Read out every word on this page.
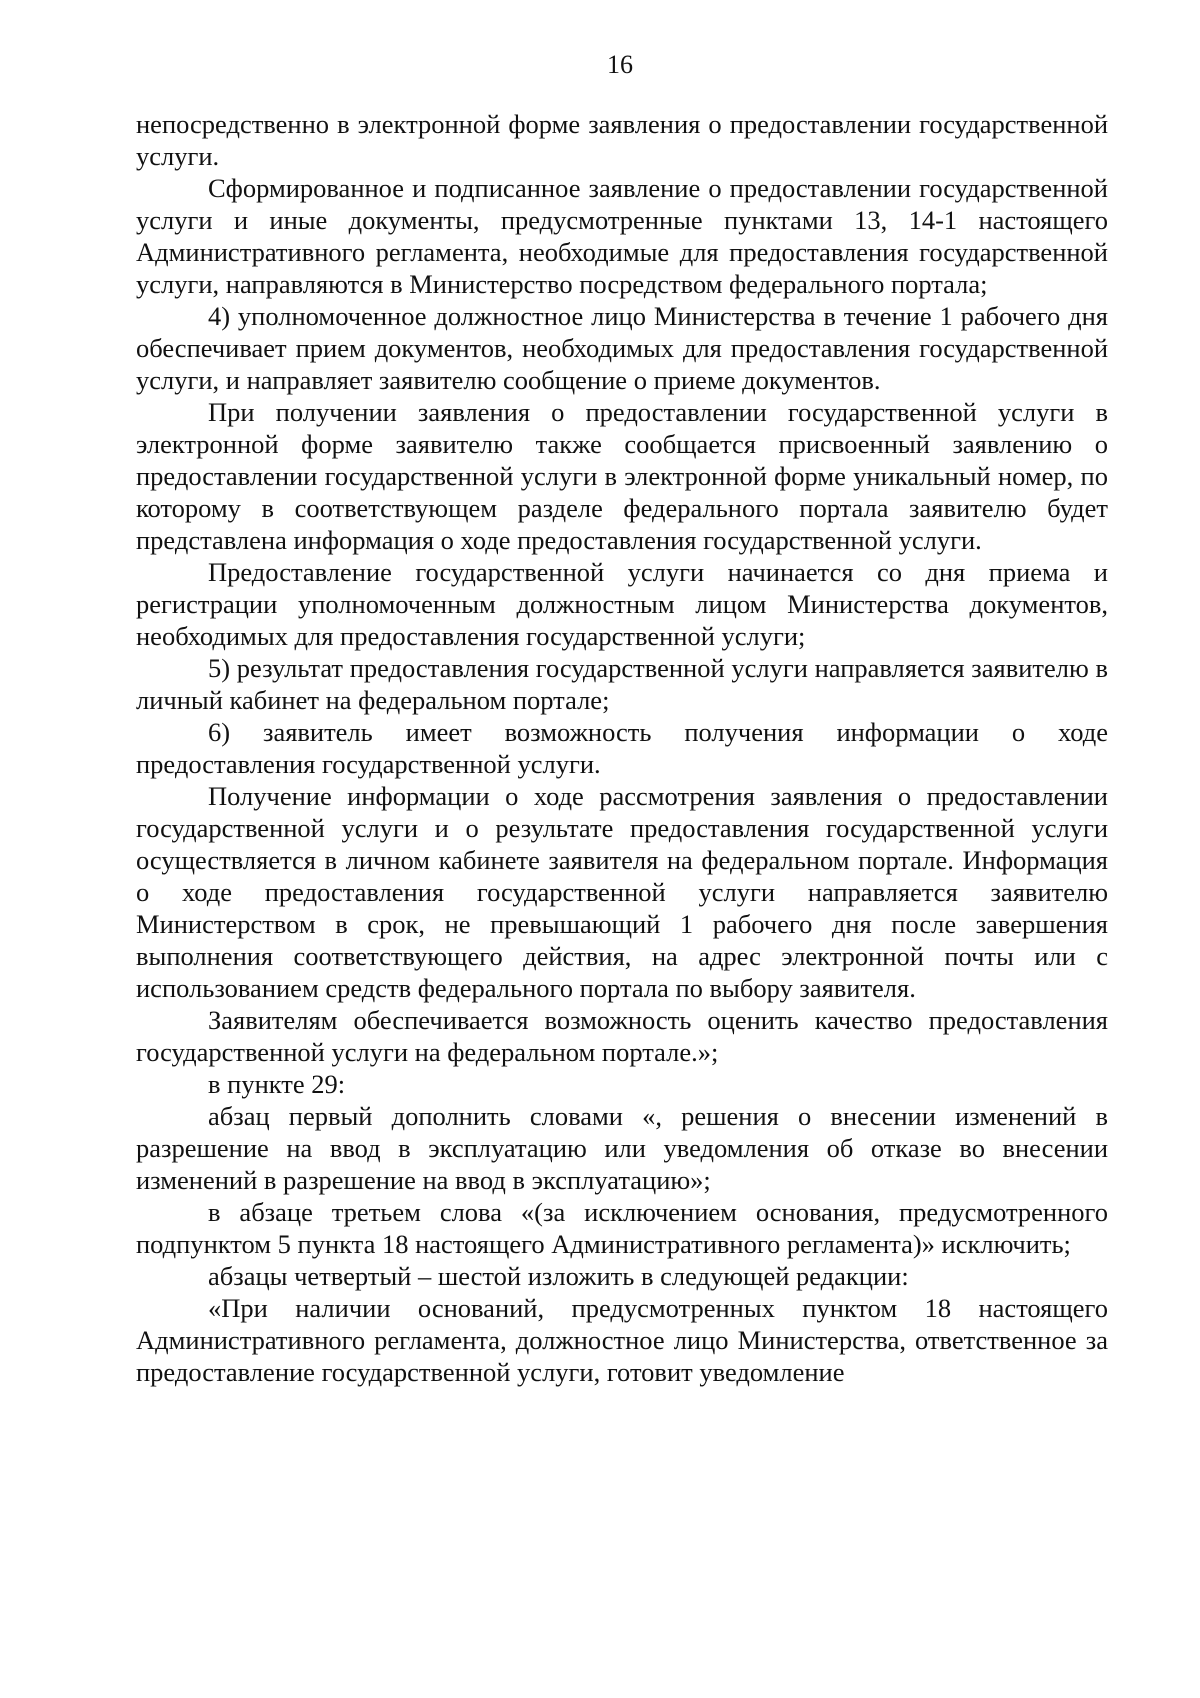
16

непосредственно в электронной форме заявления о предоставлении государственной услуги.

Сформированное и подписанное заявление о предоставлении государственной услуги и иные документы, предусмотренные пунктами 13, 14-1 настоящего Административного регламента, необходимые для предоставления государственной услуги, направляются в Министерство посредством федерального портала;

4) уполномоченное должностное лицо Министерства в течение 1 рабочего дня обеспечивает прием документов, необходимых для предоставления государственной услуги, и направляет заявителю сообщение о приеме документов.

При получении заявления о предоставлении государственной услуги в электронной форме заявителю также сообщается присвоенный заявлению о предоставлении государственной услуги в электронной форме уникальный номер, по которому в соответствующем разделе федерального портала заявителю будет представлена информация о ходе предоставления государственной услуги.

Предоставление государственной услуги начинается со дня приема и регистрации уполномоченным должностным лицом Министерства документов, необходимых для предоставления государственной услуги;

5) результат предоставления государственной услуги направляется заявителю в личный кабинет на федеральном портале;

6) заявитель имеет возможность получения информации о ходе предоставления государственной услуги.

Получение информации о ходе рассмотрения заявления о предоставлении государственной услуги и о результате предоставления государственной услуги осуществляется в личном кабинете заявителя на федеральном портале. Информация о ходе предоставления государственной услуги направляется заявителю Министерством в срок, не превышающий 1 рабочего дня после завершения выполнения соответствующего действия, на адрес электронной почты или с использованием средств федерального портала по выбору заявителя.

Заявителям обеспечивается возможность оценить качество предоставления государственной услуги на федеральном портале.»;

в пункте 29:

абзац первый дополнить словами «, решения о внесении изменений в разрешение на ввод в эксплуатацию или уведомления об отказе во внесении изменений в разрешение на ввод в эксплуатацию»;

в абзаце третьем слова «(за исключением основания, предусмотренного подпунктом 5 пункта 18 настоящего Административного регламента)» исключить;

абзацы четвертый – шестой изложить в следующей редакции:

«При наличии оснований, предусмотренных пунктом 18 настоящего Административного регламента, должностное лицо Министерства, ответственное за предоставление государственной услуги, готовит уведомление
